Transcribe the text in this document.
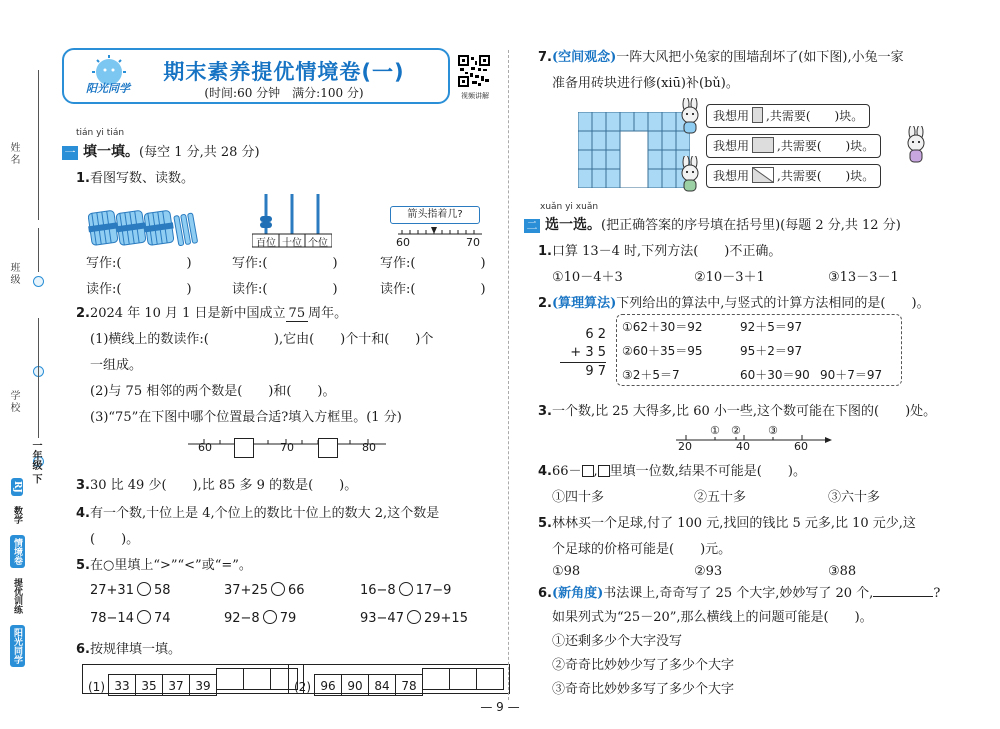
姓名
班级
学校
一年级 下
RJ 数学 情境卷 提优训练 阳光同学
阳光同学
期末素养提优情境卷(一)
(时间:60 分钟　满分:100 分)	视频讲解
tián yi tián
一 填一填。(每空 1 分,共 28 分)
1.看图写数、读数。
百位 十位 个位
箭头指着几?
60	70
写作:(　　　　　)	写作:(　　　　　)	写作:(　　　　　)
读作:(　　　　　)	读作:(　　　　　)	读作:(　　　　　)
2.2024 年 10 月 1 日是新中国成立 75 周年。
(1)横线上的数读作:(　　　　　),它由(　　)个十和(　　)个
一组成。
(2)与 75 相邻的两个数是(　　)和(　　)。
(3)“75”在下图中哪个位置最合适?填入方框里。(1 分)
60	70	80
3.30 比 49 少(　　),比 85 多 9 的数是(　　)。
4.有一个数,十位上是 4,个位上的数比十位上的数大 2,这个数是
(　　)。
5.在○里填上“>”“<”或“=”。
27+31 58	37+25 66	16−8 17−9
78−14 74	92−8 79	93−47 29+15
6.按规律填一填。
(1) 33 35 37 39	(2) 96 90 84 78
7.(空间观念)一阵大风把小兔家的围墙刮坏了(如下图),小兔一家
准备用砖块进行修(xiū)补(bǔ)。
我想用 ,共需要(　　)块。
我想用 ,共需要(　　)块。
我想用 ,共需要(　　)块。
xuǎn yi xuǎn
二 选一选。(把正确答案的序号填在括号里)(每题 2 分,共 12 分)
1.口算 13－4 时,下列方法(　　)不正确。
①10－4＋3	②10－3＋1	③13－3－1
2.(算理算法)下列给出的算法中,与竖式的计算方法相同的是(　　)。
6 2
+ 3 5
9 7
①62＋30＝92	92＋5＝97
②60＋35＝95	95＋2＝97
③2＋5＝7	60＋30＝90 90＋7＝97
3.一个数,比 25 大得多,比 60 小一些,这个数可能在下图的(　　)处。
① ② ③
20	40	60
4.66－ , 里填一位数,结果不可能是(　　)。
①四十多	②五十多	③六十多
5.林林买一个足球,付了 100 元,找回的钱比 5 元多,比 10 元少,这
个足球的价格可能是(　　)元。
①98	②93	③88
6.(新角度)书法课上,奇奇写了 25 个大字,妙妙写了 20 个,	?
如果列式为“25－20”,那么横线上的问题可能是(　　)。
①还剩多少个大字没写
②奇奇比妙妙少写了多少个大字
③奇奇比妙妙多写了多少个大字
— 9 —
